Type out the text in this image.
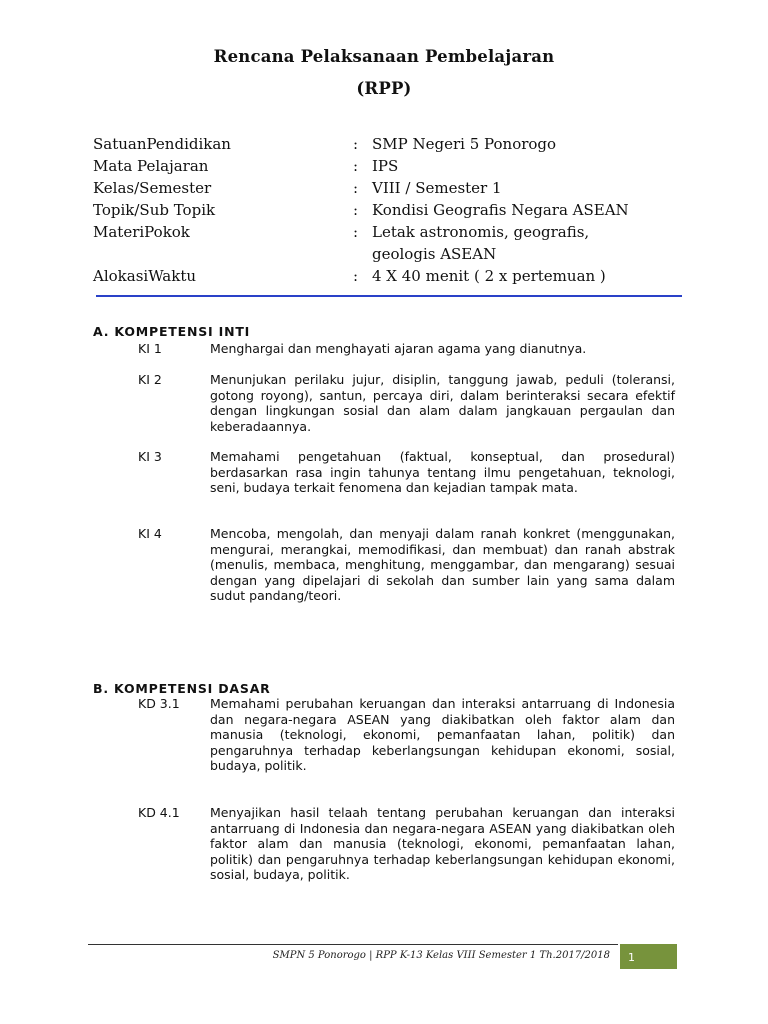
Rencana Pelaksanaan Pembelajaran
(RPP)
SatuanPendidikan	: SMP Negeri 5 Ponorogo
Mata Pelajaran	: IPS
Kelas/Semester	: VIII / Semester 1
Topik/Sub Topik	: Kondisi Geografis Negara ASEAN
MateriPokok	: Letak astronomis, geografis, geologis ASEAN
AlokasiWaktu	: 4 X 40 menit ( 2 x pertemuan )
A. KOMPETENSI INTI
KI 1	Menghargai dan menghayati ajaran agama yang dianutnya.
KI 2	Menunjukan perilaku jujur, disiplin, tanggung jawab, peduli (toleransi, gotong royong), santun, percaya diri, dalam berinteraksi secara efektif dengan lingkungan sosial dan alam dalam jangkauan pergaulan dan keberadaannya.
KI 3	Memahami pengetahuan (faktual, konseptual, dan prosedural) berdasarkan rasa ingin tahunya tentang ilmu pengetahuan, teknologi, seni, budaya terkait fenomena dan kejadian tampak mata.
KI 4	Mencoba, mengolah, dan menyaji dalam ranah konkret (menggunakan, mengurai, merangkai, memodifikasi, dan membuat) dan ranah abstrak (menulis, membaca, menghitung, menggambar, dan mengarang) sesuai dengan yang dipelajari di sekolah dan sumber lain yang sama dalam sudut pandang/teori.
B. KOMPETENSI DASAR
KD 3.1	Memahami perubahan keruangan dan interaksi antarruang di Indonesia dan negara-negara ASEAN yang diakibatkan oleh faktor alam dan manusia (teknologi, ekonomi, pemanfaatan lahan, politik) dan pengaruhnya terhadap keberlangsungan kehidupan ekonomi, sosial, budaya, politik.
KD 4.1	Menyajikan hasil telaah tentang perubahan keruangan dan interaksi antarruang di Indonesia dan negara-negara ASEAN yang diakibatkan oleh faktor alam dan manusia (teknologi, ekonomi, pemanfaatan lahan, politik) dan pengaruhnya terhadap keberlangsungan kehidupan ekonomi, sosial, budaya, politik.
SMPN 5 Ponorogo | RPP K-13 Kelas VIII Semester 1 Th.2017/2018	1
